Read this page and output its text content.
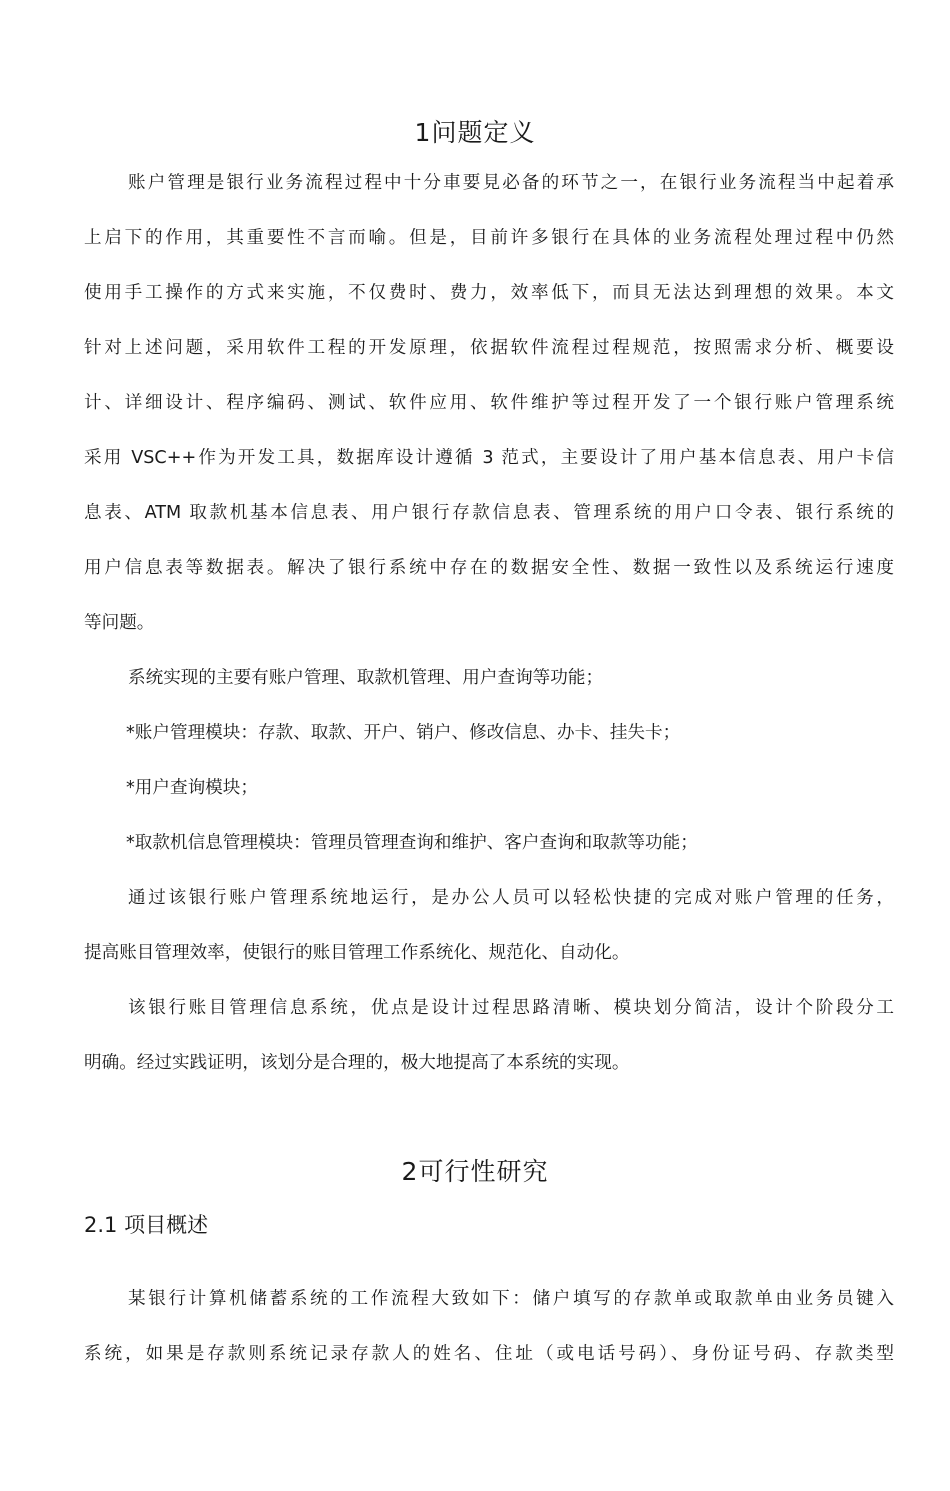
1问题定义
账户管理是银行业务流程过程中十分車要見必备的环节之一，在银行业务流程当中起着承
上启下的作用，其重要性不言而喻。但是，目前许多银行在具体的业务流程处理过程中仍然
使用手工操作的方式来实施，不仅费时、费力，效率低下，而貝无法达到理想的效果。本文
针对上述问题，采用软件工程的开发原理，依据软件流程过程规范，按照需求分析、概要设
计、详细设计、程序编码、测试、软件应用、软件维护等过程开发了一个银行账户管理系统
采用 VSC++作为开发工具，数据库设计遵循 3 范式，主要设计了用户基本信息表、用户卡信
息表、ATM 取款机基本信息表、用户银行存款信息表、管理系统的用户口令表、银行系统的
用户信息表等数据表。解决了银行系统中存在的数据安全性、数据一致性以及系统运行速度
等问题。
系统实现的主要有账户管理、取款机管理、用户查询等功能；
*账户管理模块：存款、取款、开户、销户、修改信息、办卡、挂失卡；
*用户查询模块；
*取款机信息管理模块：管理员管理查询和维护、客户查询和取款等功能；
通过该银行账户管理系统地运行，是办公人员可以轻松快捷的完成对账户管理的任务，
提高账目管理效率，使银行的账目管理工作系统化、规范化、自动化。
该银行账目管理信息系统，优点是设计过程思路清晰、模块划分简洁，设计个阶段分工
明确。经过实践证明，该划分是合理的，极大地提高了本系统的实现。
2可行性研究
2.1 项目概述
某银行计算机储蓄系统的工作流程大致如下：储户填写的存款单或取款单由业务员键入
系统，如果是存款则系统记录存款人的姓名、住址（或电话号码）、身份证号码、存款类型
